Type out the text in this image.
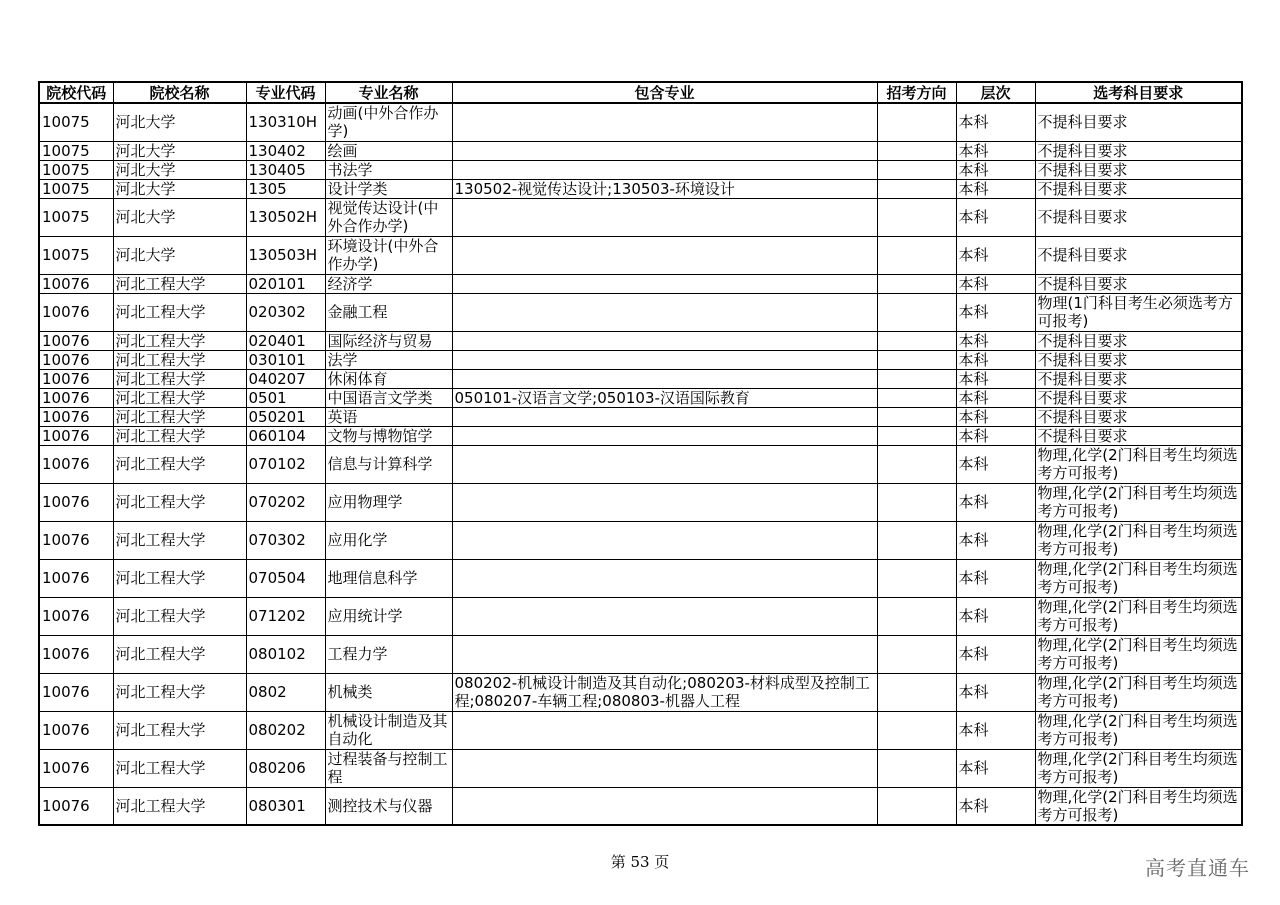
院校代码	院校名称	专业代码	专业名称	包含专业	招考方向	层次	选考科目要求
10075	河北大学	130310H	动画(中外合作办学)			本科	不提科目要求
10075	河北大学	130402	绘画			本科	不提科目要求
10075	河北大学	130405	书法学			本科	不提科目要求
10075	河北大学	1305	设计学类	130502-视觉传达设计;130503-环境设计		本科	不提科目要求
10075	河北大学	130502H	视觉传达设计(中外合作办学)			本科	不提科目要求
10075	河北大学	130503H	环境设计(中外合作办学)			本科	不提科目要求
10076	河北工程大学	020101	经济学			本科	不提科目要求
10076	河北工程大学	020302	金融工程			本科	物理(1门科目考生必须选考方可报考)
10076	河北工程大学	020401	国际经济与贸易			本科	不提科目要求
10076	河北工程大学	030101	法学			本科	不提科目要求
10076	河北工程大学	040207	休闲体育			本科	不提科目要求
10076	河北工程大学	0501	中国语言文学类	050101-汉语言文学;050103-汉语国际教育		本科	不提科目要求
10076	河北工程大学	050201	英语			本科	不提科目要求
10076	河北工程大学	060104	文物与博物馆学			本科	不提科目要求
10076	河北工程大学	070102	信息与计算科学			本科	物理,化学(2门科目考生均须选考方可报考)
10076	河北工程大学	070202	应用物理学			本科	物理,化学(2门科目考生均须选考方可报考)
10076	河北工程大学	070302	应用化学			本科	物理,化学(2门科目考生均须选考方可报考)
10076	河北工程大学	070504	地理信息科学			本科	物理,化学(2门科目考生均须选考方可报考)
10076	河北工程大学	071202	应用统计学			本科	物理,化学(2门科目考生均须选考方可报考)
10076	河北工程大学	080102	工程力学			本科	物理,化学(2门科目考生均须选考方可报考)
10076	河北工程大学	0802	机械类	080202-机械设计制造及其自动化;080203-材料成型及控制工程;080207-车辆工程;080803-机器人工程		本科	物理,化学(2门科目考生均须选考方可报考)
10076	河北工程大学	080202	机械设计制造及其自动化			本科	物理,化学(2门科目考生均须选考方可报考)
10076	河北工程大学	080206	过程装备与控制工程			本科	物理,化学(2门科目考生均须选考方可报考)
10076	河北工程大学	080301	测控技术与仪器			本科	物理,化学(2门科目考生均须选考方可报考)
第 53 页	高考直通车
